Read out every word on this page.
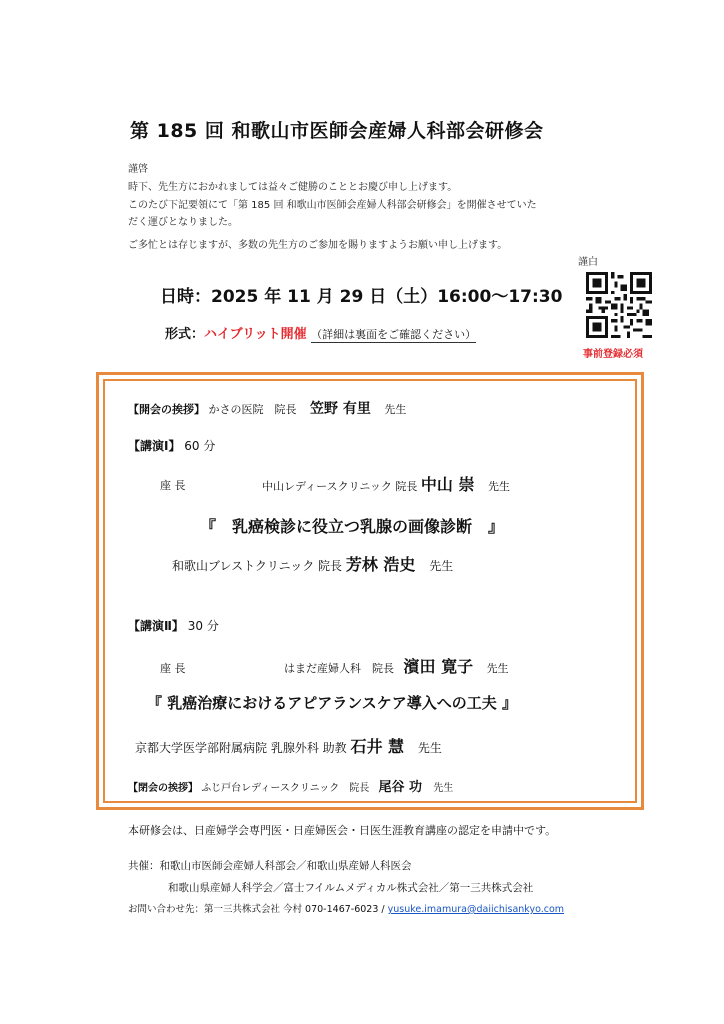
第 185 回 和歌山市医師会産婦人科部会研修会
謹啓
時下、先生方におかれましては益々ご健勝のこととお慶び申し上げます。
このたび下記要領にて「第 185 回 和歌山市医師会産婦人科部会研修会」を開催させていた
だく運びとなりました。
ご多忙とは存じますが、多数の先生方のご参加を賜りますようお願い申し上げます。
謹白
日時：2025 年 11 月 29 日（土）16:00～17:30
形式：ハイブリット開催 （詳細は裏面をご確認ください）
事前登録必須
【開会の挨拶】 かさの医院　院長 笠野 有里 先生
【講演Ⅰ】 60 分
座 長	中山レディースクリニック 院長 中山 崇 先生
『　乳癌検診に役立つ乳腺の画像診断　』
和歌山ブレストクリニック 院長 芳林 浩史 先生
【講演Ⅱ】 30 分
座 長	はまだ産婦人科　院長 濱田 寛子 先生
『 乳癌治療におけるアピアランスケア導入への工夫 』
京都大学医学部附属病院 乳腺外科 助教 石井 慧 先生
【閉会の挨拶】 ふじ戸台レディースクリニック　院長 尾谷 功 先生
本研修会は、日産婦学会専門医・日産婦医会・日医生涯教育講座の認定を申請中です。
共催：和歌山市医師会産婦人科部会／和歌山県産婦人科医会
和歌山県産婦人科学会／富士フイルムメディカル株式会社／第一三共株式会社
お問い合わせ先：第一三共株式会社 今村 070-1467-6023 / yusuke.imamura@daiichisankyo.com
